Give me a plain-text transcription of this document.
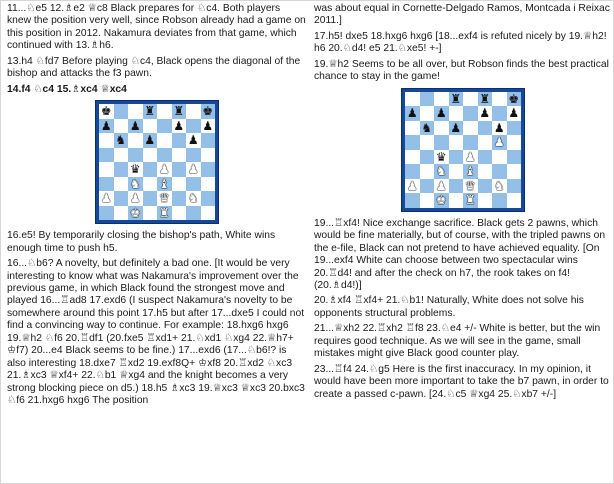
11...♘e5 12.♗e2 ♕c8 Black prepares for ♘c4. Both players knew the position very well, since Robson already had a game on this position in 2012. Nakamura deviates from that game, which continued with 13.♗h6.

13.h4 ♘fd7 Before playing ♘c4, Black opens the diagonal of the bishop and attacks the f3 pawn.

14.f4 ♘c4 15.♗xc4 ♕xc4

♚	♜ ♜ ♚
♟ ♟	♟ ♟
♞ ♟	♟
♛ ♟ ♟
♞ ♝
♟ ♟ ♛ ♞
♚ ♜

16.e5! By temporarily closing the bishop's path, White wins enough time to push h5.

16...♘b6? A novelty, but definitely a bad one. [It would be very interesting to know what was Nakamura's improvement over the previous game, in which Black found the strongest move and played 16...♖ad8 17.exd6 (I suspect Nakamura's novelty to be somewhere around this point 17.h5 but after 17...dxe5 I could not find a convincing way to continue. For example: 18.hxg6 hxg6 19.♕h2 ♘f6 20.♖df1 (20.fxe5 ♖xd1+ 21.♘xd1 ♘xg4 22.♕h7+ ♔f7) 20...e4 Black seems to be fine.) 17...exd6 (17...♘b6!? is also interesting 18.dxe7 ♖xd2 19.exf8Q+ ♔xf8 20.♖xd2 ♘xc3 21.♗xc3 ♕xf4+ 22.♘b1 ♕xg4 and the knight becomes a very strong blocking piece on d5.) 18.h5 ♗xc3 19.♕xc3 ♕xc3 20.bxc3 ♘f6 21.hxg6 hxg6 The position

was about equal in Cornette-Delgado Ramos, Montcada i Reixac 2011.]

17.h5! dxe5 18.hxg6 hxg6 [18...exf4 is refuted nicely by 19.♕h2! h6 20.♘d4! e5 21.♘xe5! +-]

19.♕h2 Seems to be all over, but Robson finds the best practical chance to stay in the game!

♜ ♜ ♚
♟ ♟	♟ ♟
♞ ♟	♟
♟
♛ ♟
♞ ♝
♟ ♟ ♛ ♞
♚ ♜

19...♖xf4! Nice exchange sacrifice. Black gets 2 pawns, which would be fine materially, but of course, with the tripled pawns on the e-file, Black can not pretend to have achieved equality. [On 19...exf4 White can choose between two spectacular wins 20.♖d4! and after the check on h7, the rook takes on f4!(20.♗d4!)]

20.♗xf4 ♖xf4+ 21.♘b1! Naturally, White does not solve his opponents structural problems.

21...♕xh2 22.♖xh2 ♖f8 23.♘e4 +/- White is better, but the win requires good technique. As we will see in the game, small mistakes might give Black good counter play.

23...♖f4 24.♘g5 Here is the first inaccuracy. In my opinion, it would have been more important to take the b7 pawn, in order to create a passed c-pawn. [24.♘c5 ♕xg4 25.♘xb7 +/-]
